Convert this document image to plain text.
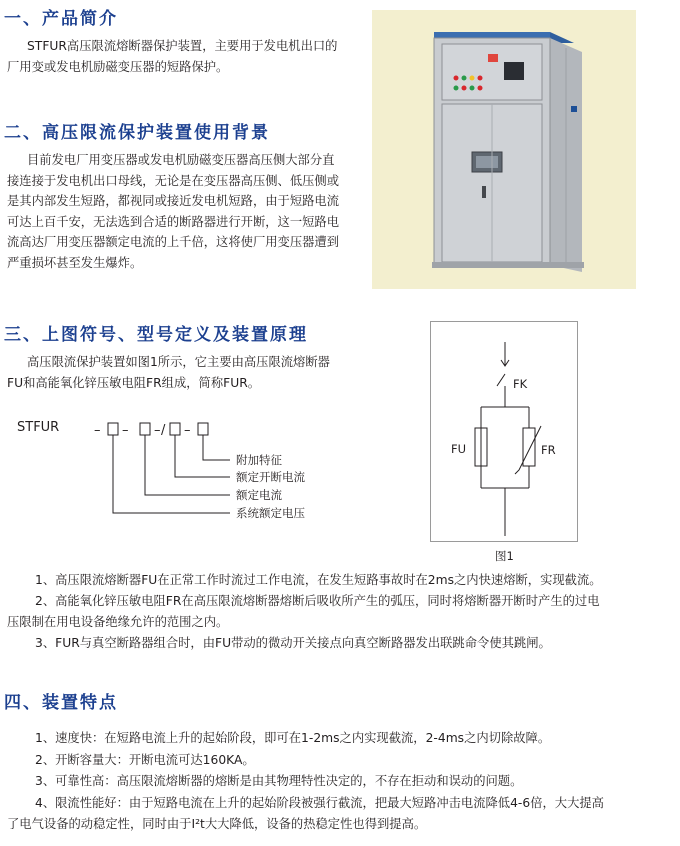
一、产品简介
STFUR高压限流熔断器保护装置，主要用于发电机出口的
厂用变或发电机励磁变压器的短路保护。
二、高压限流保护装置使用背景
目前发电厂用变压器或发电机励磁变压器高压侧大部分直
接连接于发电机出口母线，无论是在变压器高压侧、低压侧或
是其内部发生短路，都视同或接近发电机短路，由于短路电流
可达上百千安，无法选到合适的断路器进行开断，这一短路电
流高达厂用变压器额定电流的上千倍，这将使厂用变压器遭到
严重损坏甚至发生爆炸。
三、上图符号、型号定义及装置原理
高压限流保护装置如图1所示，它主要由高压限流熔断器
FU和高能氧化锌压敏电阻FR组成，简称FUR。
– – / –
–
STFUR
附加特征
额定开断电流
额定电流
系统额定电压
FK
FU	FR
图1
1、高压限流熔断器FU在正常工作时流过工作电流，在发生短路事故时在2ms之内快速熔断，实现截流。
2、高能氧化锌压敏电阻FR在高压限流熔断器熔断后吸收所产生的弧压，同时将熔断器开断时产生的过电
压限制在用电设备绝缘允许的范围之内。
3、FUR与真空断路器组合时，由FU带动的微动开关接点向真空断路器发出联跳命令使其跳闸。
四、装置特点
1、速度快：在短路电流上升的起始阶段，即可在1-2ms之内实现截流，2-4ms之内切除故障。
2、开断容量大：开断电流可达160KA。
3、可靠性高：高压限流熔断器的熔断是由其物理特性决定的，不存在拒动和误动的问题。
4、限流性能好：由于短路电流在上升的起始阶段被强行截流，把最大短路冲击电流降低4-6倍，大大提高
了电气设备的动稳定性，同时由于I²t大大降低，设备的热稳定性也得到提高。
